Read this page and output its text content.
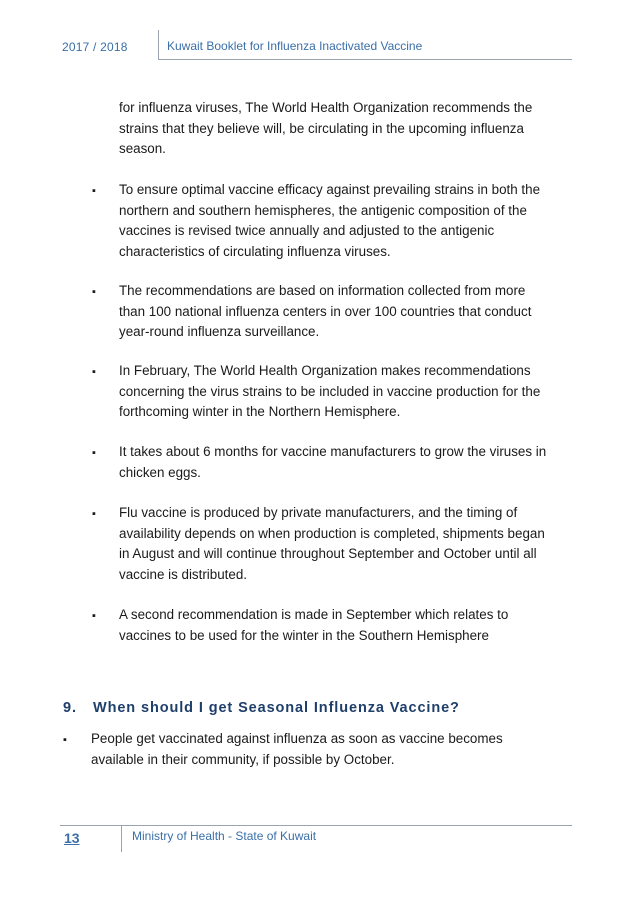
2017 / 2018	Kuwait Booklet for Influenza Inactivated Vaccine
for influenza viruses, The World Health Organization recommends the
strains that they believe will, be circulating in the upcoming influenza
season.
▪ To ensure optimal vaccine efficacy against prevailing strains in both the
northern and southern hemispheres, the antigenic composition of the
vaccines is revised twice annually and adjusted to the antigenic
characteristics of circulating influenza viruses.
▪ The recommendations are based on information collected from more
than 100 national influenza centers in over 100 countries that conduct
year-round influenza surveillance.
▪ In February, The World Health Organization makes recommendations
concerning the virus strains to be included in vaccine production for the
forthcoming winter in the Northern Hemisphere.
▪ It takes about 6 months for vaccine manufacturers to grow the viruses in
chicken eggs.
▪ Flu vaccine is produced by private manufacturers, and the timing of
availability depends on when production is completed, shipments began
in August and will continue throughout September and October until all
vaccine is distributed.
▪ A second recommendation is made in September which relates to
vaccines to be used for the winter in the Southern Hemisphere
9. When should I get Seasonal Influenza Vaccine?
▪ People get vaccinated against influenza as soon as vaccine becomes
available in their community, if possible by October.
13	Ministry of Health - State of Kuwait
